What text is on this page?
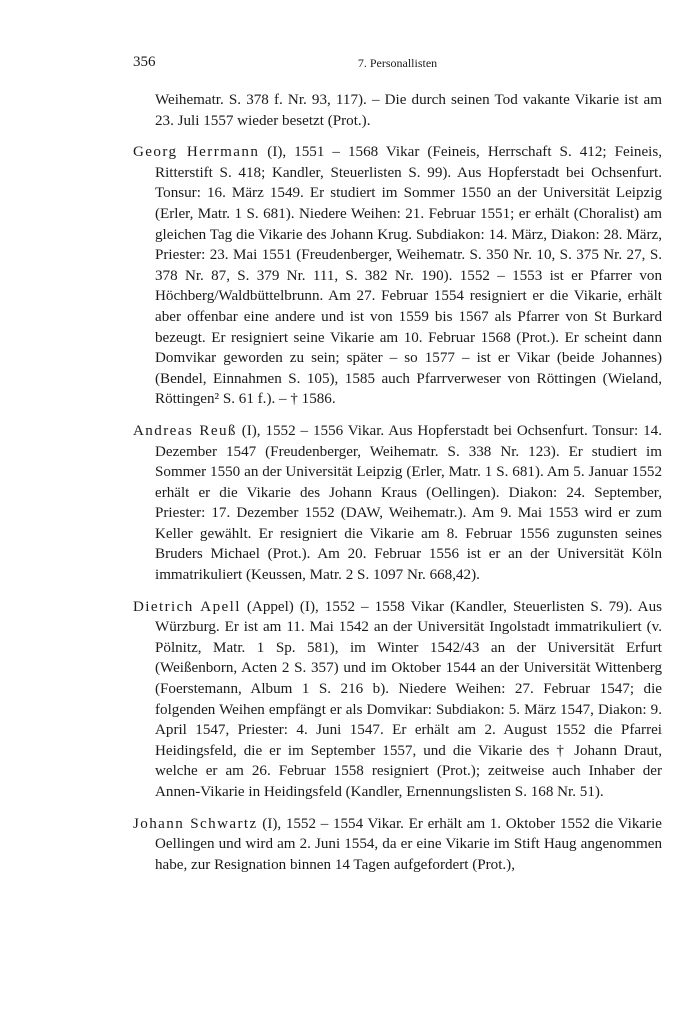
356	7. Personallisten

Weihematr. S. 378 f. Nr. 93, 117). – Die durch seinen Tod vakante Vikarie ist am 23. Juli 1557 wieder besetzt (Prot.).

Georg Herrmann (I), 1551 – 1568 Vikar (Feineis, Herrschaft S. 412; Feineis, Ritterstift S. 418; Kandler, Steuerlisten S. 99). Aus Hopferstadt bei Ochsenfurt. Tonsur: 16. März 1549. Er studiert im Sommer 1550 an der Universität Leipzig (Erler, Matr. 1 S. 681). Niedere Weihen: 21. Februar 1551; er erhält (Choralist) am gleichen Tag die Vikarie des Johann Krug. Subdiakon: 14. März, Diakon: 28. März, Priester: 23. Mai 1551 (Freudenberger, Weihematr. S. 350 Nr. 10, S. 375 Nr. 27, S. 378 Nr. 87, S. 379 Nr. 111, S. 382 Nr. 190). 1552 – 1553 ist er Pfarrer von Höchberg/Waldbüttelbrunn. Am 27. Februar 1554 resigniert er die Vikarie, erhält aber offenbar eine andere und ist von 1559 bis 1567 als Pfarrer von St Burkard bezeugt. Er resigniert seine Vikarie am 10. Februar 1568 (Prot.). Er scheint dann Domvikar geworden zu sein; später – so 1577 – ist er Vikar (beide Johannes) (Bendel, Einnahmen S. 105), 1585 auch Pfarrverweser von Röttingen (Wieland, Röttingen² S. 61 f.). – † 1586.

Andreas Reuß (I), 1552 – 1556 Vikar. Aus Hopferstadt bei Ochsenfurt. Tonsur: 14. Dezember 1547 (Freudenberger, Weihematr. S. 338 Nr. 123). Er studiert im Sommer 1550 an der Universität Leipzig (Erler, Matr. 1 S. 681). Am 5. Januar 1552 erhält er die Vikarie des Johann Kraus (Oellingen). Diakon: 24. September, Priester: 17. Dezember 1552 (DAW, Weihematr.). Am 9. Mai 1553 wird er zum Keller gewählt. Er resigniert die Vikarie am 8. Februar 1556 zugunsten seines Bruders Michael (Prot.). Am 20. Februar 1556 ist er an der Universität Köln immatrikuliert (Keussen, Matr. 2 S. 1097 Nr. 668,42).

Dietrich Apell (Appel) (I), 1552 – 1558 Vikar (Kandler, Steuerlisten S. 79). Aus Würzburg. Er ist am 11. Mai 1542 an der Universität Ingolstadt immatrikuliert (v. Pölnitz, Matr. 1 Sp. 581), im Winter 1542/43 an der Universität Erfurt (Weißenborn, Acten 2 S. 357) und im Oktober 1544 an der Universität Wittenberg (Foerstemann, Album 1 S. 216 b). Niedere Weihen: 27. Februar 1547; die folgenden Weihen empfängt er als Domvikar: Subdiakon: 5. März 1547, Diakon: 9. April 1547, Priester: 4. Juni 1547. Er erhält am 2. August 1552 die Pfarrei Heidingsfeld, die er im September 1557, und die Vikarie des † Johann Draut, welche er am 26. Februar 1558 resigniert (Prot.); zeitweise auch Inhaber der Annen-Vikarie in Heidingsfeld (Kandler, Ernennungslisten S. 168 Nr. 51).

Johann Schwartz (I), 1552 – 1554 Vikar. Er erhält am 1. Oktober 1552 die Vikarie Oellingen und wird am 2. Juni 1554, da er eine Vikarie im Stift Haug angenommen habe, zur Resignation binnen 14 Tagen aufgefordert (Prot.),
